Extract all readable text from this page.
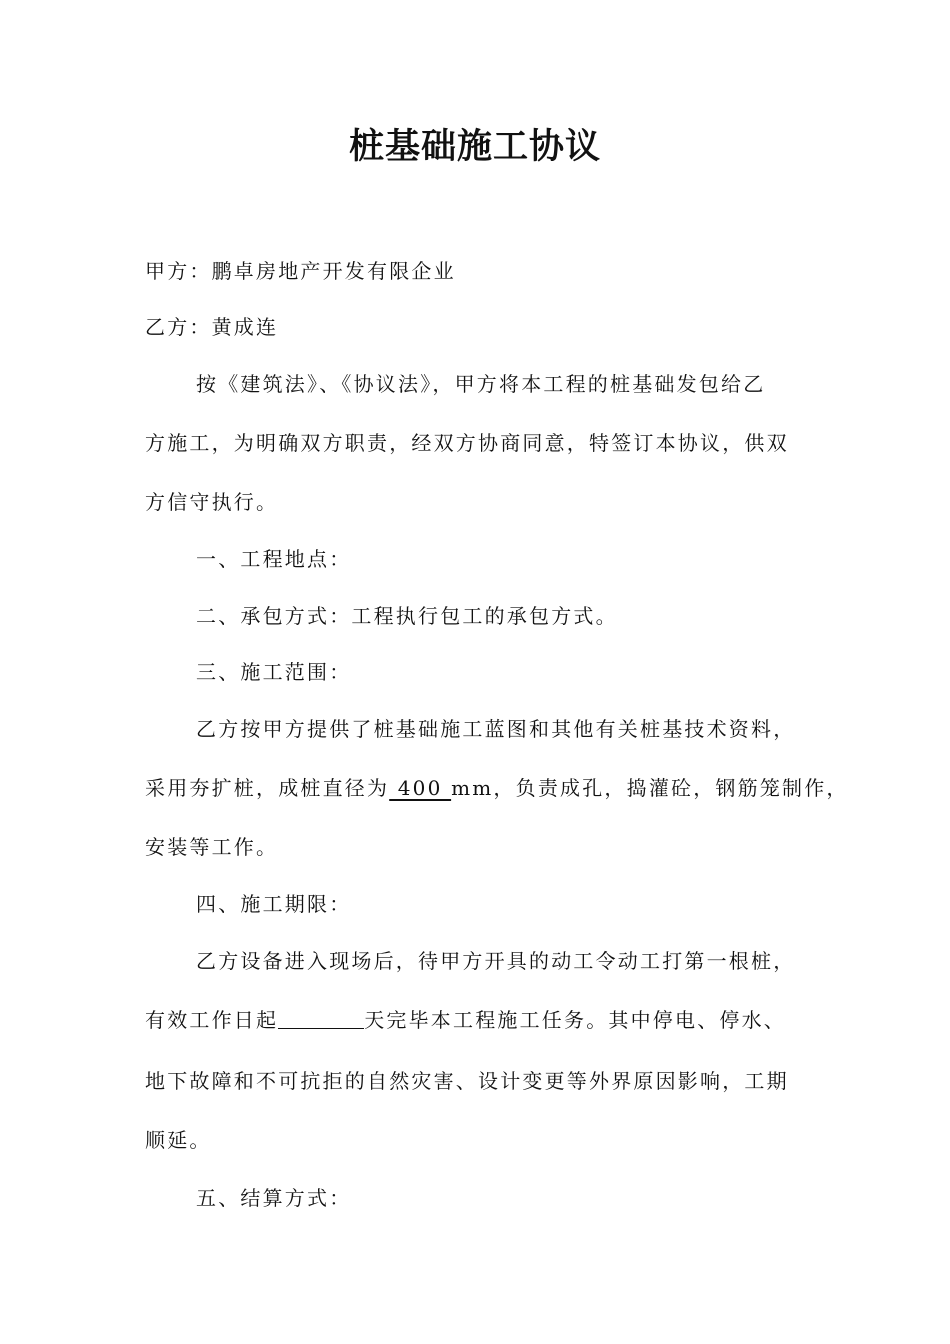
桩基础施工协议
甲方：鹏卓房地产开发有限企业
乙方：黄成连
按《建筑法》、《协议法》，甲方将本工程的桩基础发包给乙
方施工，为明确双方职责，经双方协商同意，特签订本协议，供双
方信守执行。
一、工程地点：
二、承包方式：工程执行包工的承包方式。
三、施工范围：
乙方按甲方提供了桩基础施工蓝图和其他有关桩基技术资料，
采用夯扩桩，成桩直径为 400 mm，负责成孔，捣灌砼，钢筋笼制作，
安装等工作。
四、施工期限：
乙方设备进入现场后，待甲方开具的动工令动工打第一根桩，
有效工作日起	天完毕本工程施工任务。其中停电、停水、
地下故障和不可抗拒的自然灾害、设计变更等外界原因影响，工期
顺延。
五、结算方式：
